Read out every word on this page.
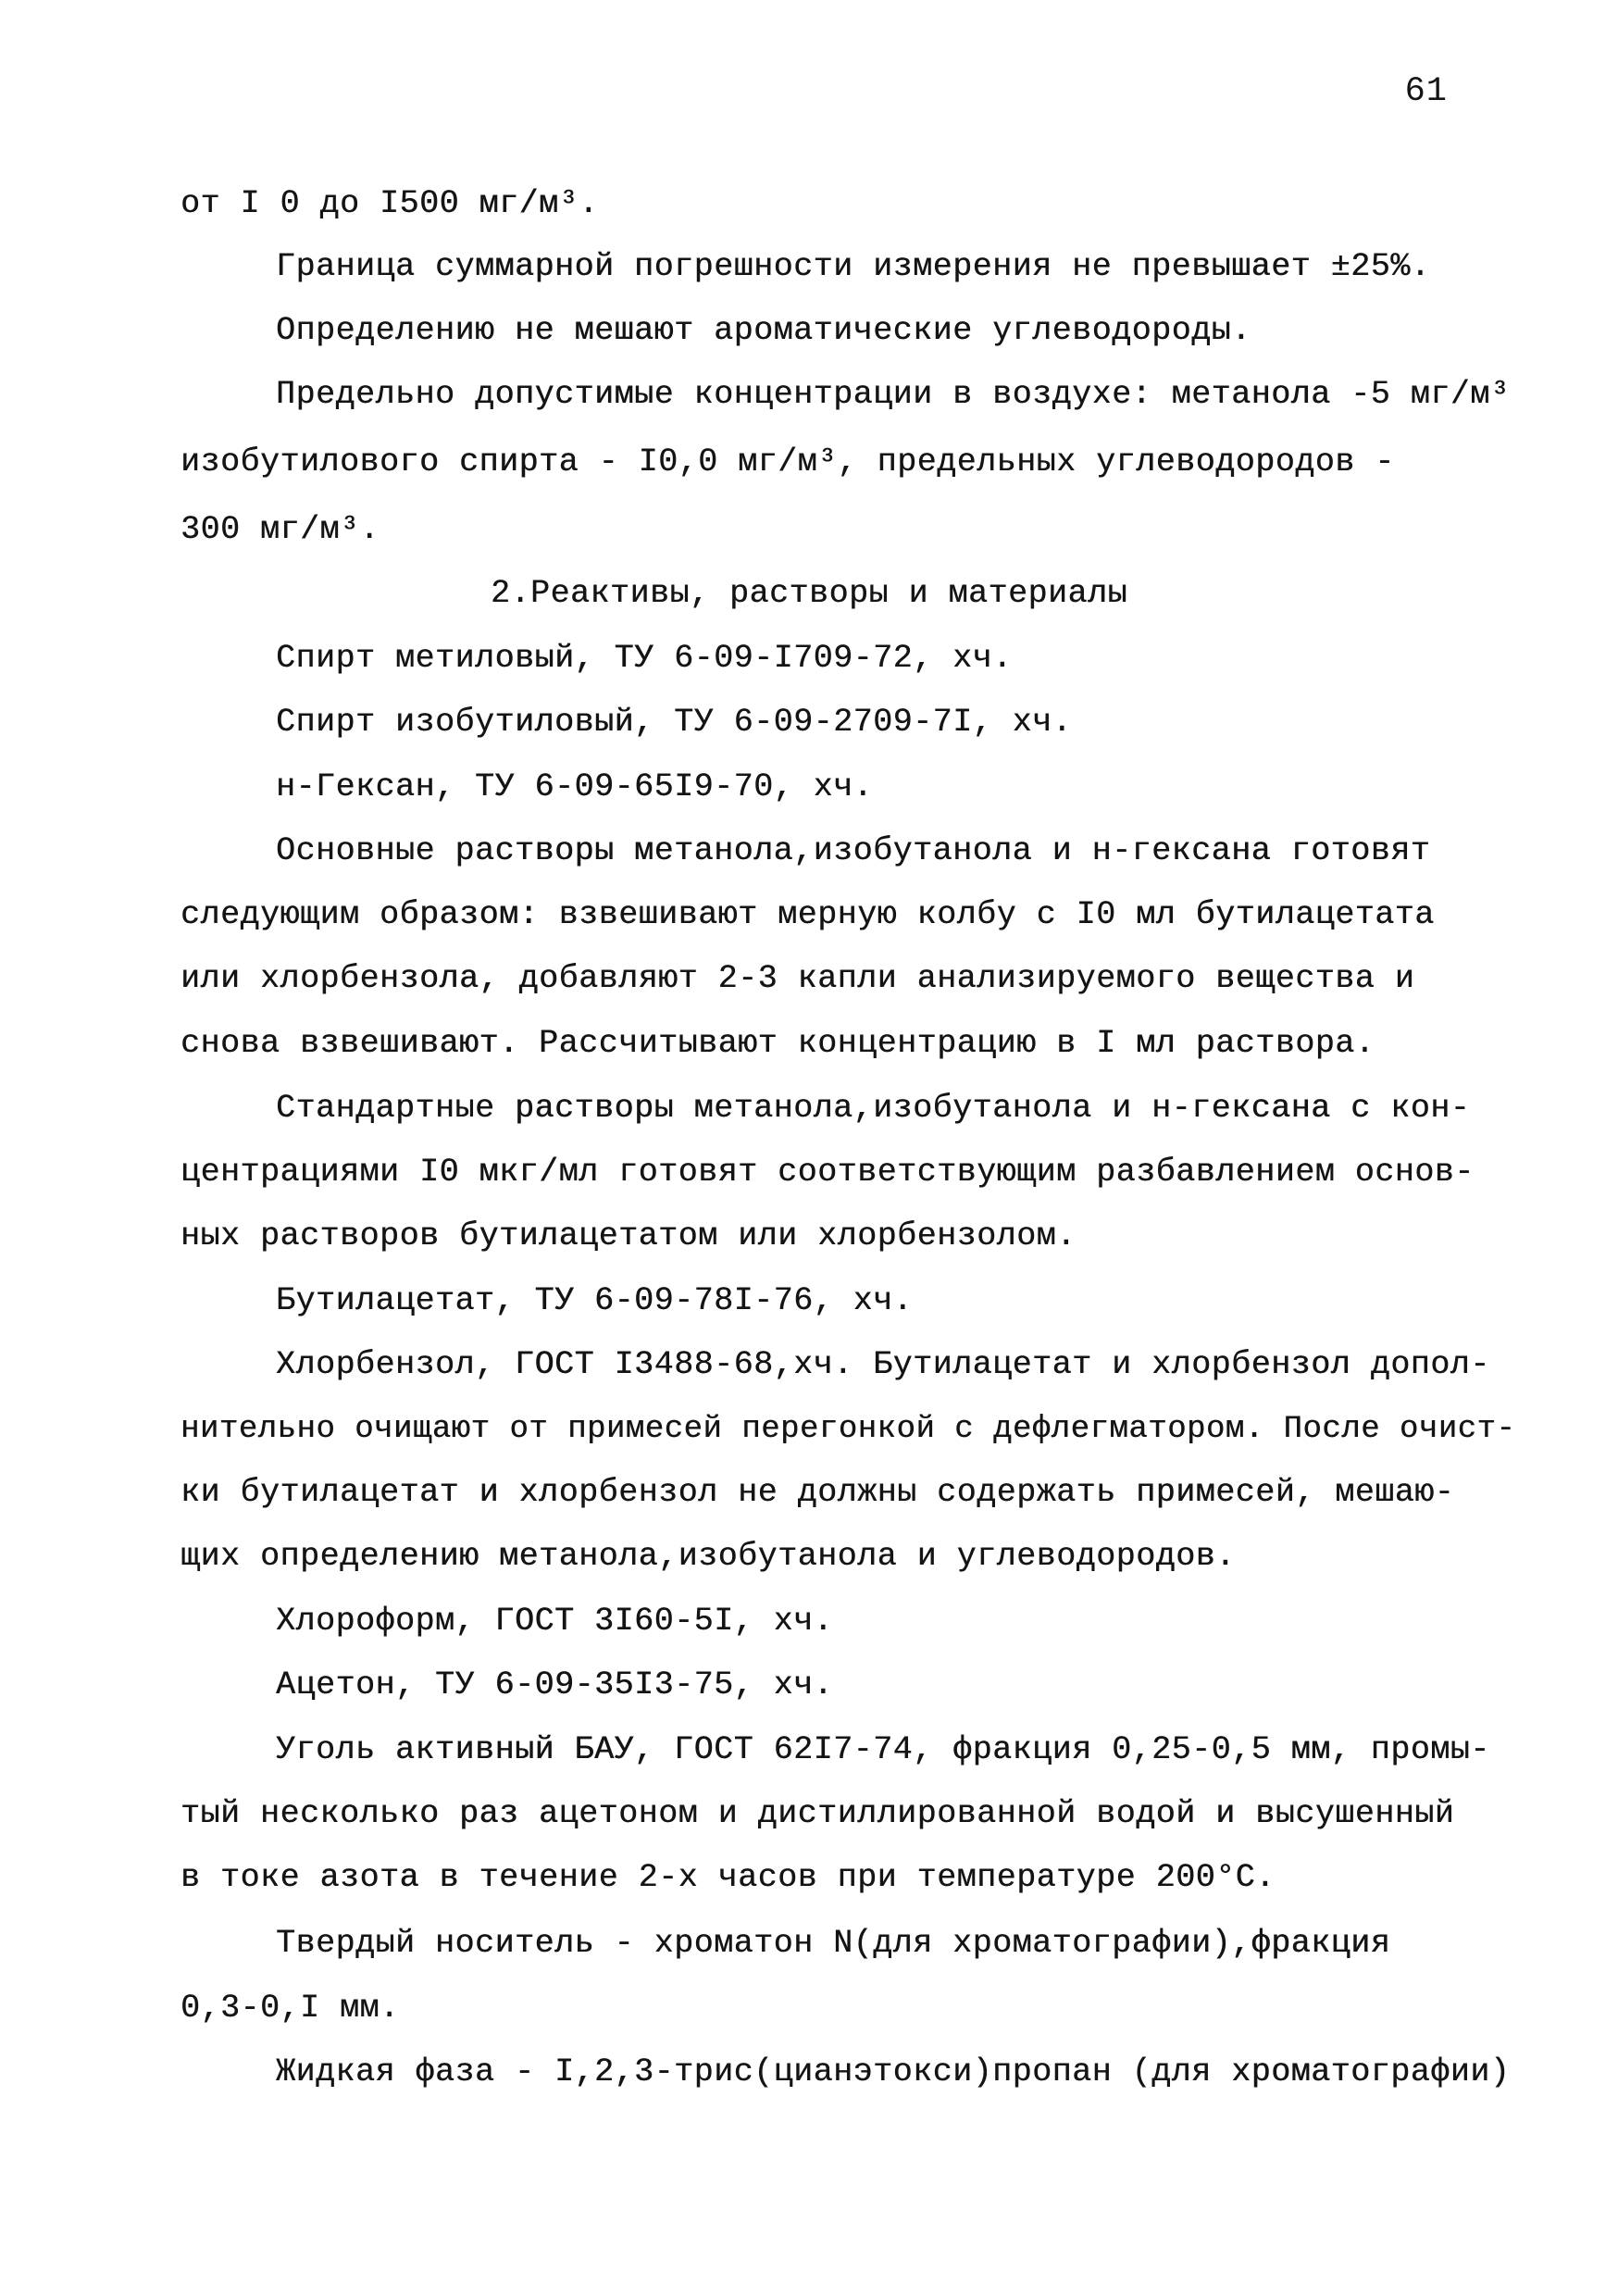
61
от I 0 до I500 мг/м³.
Граница суммарной погрешности измерения не превышает ±25%.
Определению не мешают ароматические углеводороды.
Предельно допустимые концентрации в воздухе: метанола -5 мг/м³
изобутилового спирта - I0,0 мг/м³, предельных углеводородов -
300 мг/м³.
2.Реактивы, растворы и материалы
Спирт метиловый, ТУ 6-09-I709-72, хч.
Спирт изобутиловый, ТУ 6-09-2709-7I, хч.
н-Гексан, ТУ 6-09-65I9-70, хч.
Основные растворы метанола,изобутанола и н-гексана готовят
следующим образом: взвешивают мерную колбу с I0 мл бутилацетата
или хлорбензола, добавляют 2-3 капли анализируемого вещества и
снова взвешивают. Рассчитывают концентрацию в I мл раствора.
Стандартные растворы метанола,изобутанола и н-гексана с кон-
центрациями I0 мкг/мл готовят соответствующим разбавлением основ-
ных растворов бутилацетатом или хлорбензолом.
Бутилацетат, ТУ 6-09-78I-76, хч.
Хлорбензол, ГОСТ I3488-68,хч. Бутилацетат и хлорбензол допол-
нительно очищают от примесей перегонкой с дефлегматором. После очист-
ки бутилацетат и хлорбензол не должны содержать примесей, мешаю-
щих определению метанола,изобутанола и углеводородов.
Хлороформ, ГОСТ 3I60-5I, хч.
Ацетон, ТУ 6-09-35I3-75, хч.
Уголь активный БАУ, ГОСТ 62I7-74, фракция 0,25-0,5 мм, промы-
тый несколько раз ацетоном и дистиллированной водой и высушенный
в токе азота в течение 2-х часов при температуре 200°С.
Твердый носитель - хроматон N(для хроматографии),фракция
0,3-0,I мм.
Жидкая фаза - I,2,3-трис(цианэтокси)пропан (для хроматографии)
